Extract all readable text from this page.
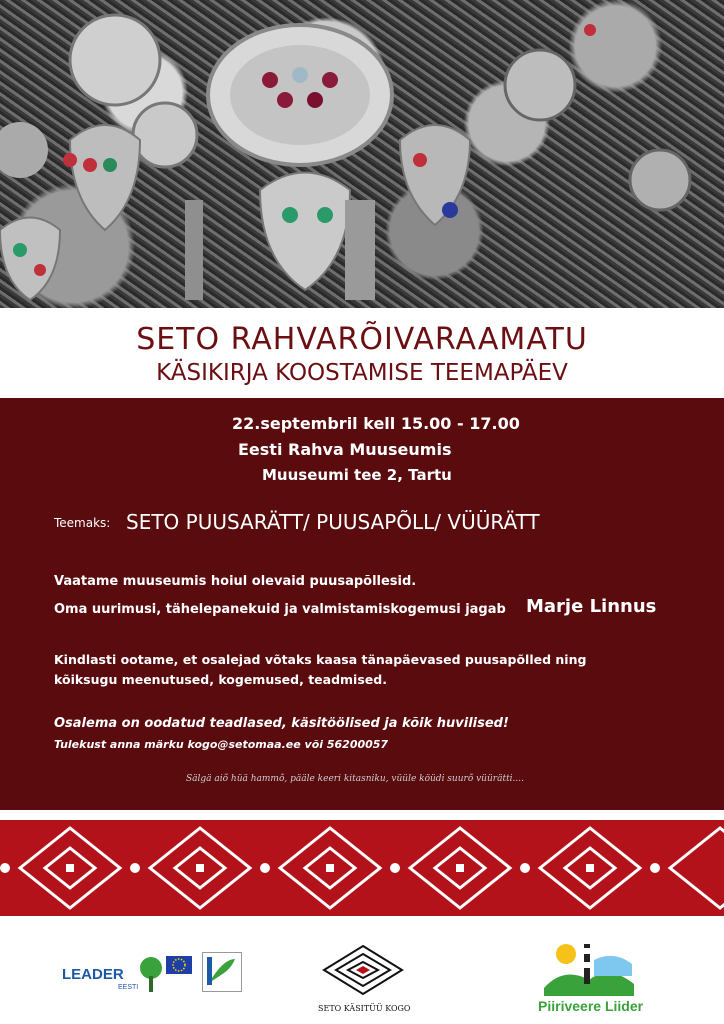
SETO RAHVARÕIVARAAMATU
KÄSIKIRJA KOOSTAMISE TEEMAPÄEV
22.septembril kell 15.00 - 17.00
Eesti Rahva Muuseumis
Muuseumi tee 2, Tartu
Teemaks: SETO PUUSARÄTT/ PUUSAPÕLL/ VÜÜRÄTT
Vaatame muuseumis hoiul olevaid puusapõllesid.
Oma uurimusi, tähelepanekuid ja valmistamiskogemusi jagab Marje Linnus
Kindlasti ootame, et osalejad võtaks kaasa tänapäevased puusapõlled ning
kõiksugu meenutused, kogemused, teadmised.
Osalema on oodatud teadlased, käsitöölised ja kõik huvilised!
Tulekust anna märku kogo@setomaa.ee või 56200057
Sälgä aiõ hüä hammõ, pääle keeri kitasniku, vüüle köüdi suurõ vüürätti....
LEADER
EESTI
SETO KÄSITÜÜ KOGO	Piiriveere Liider
